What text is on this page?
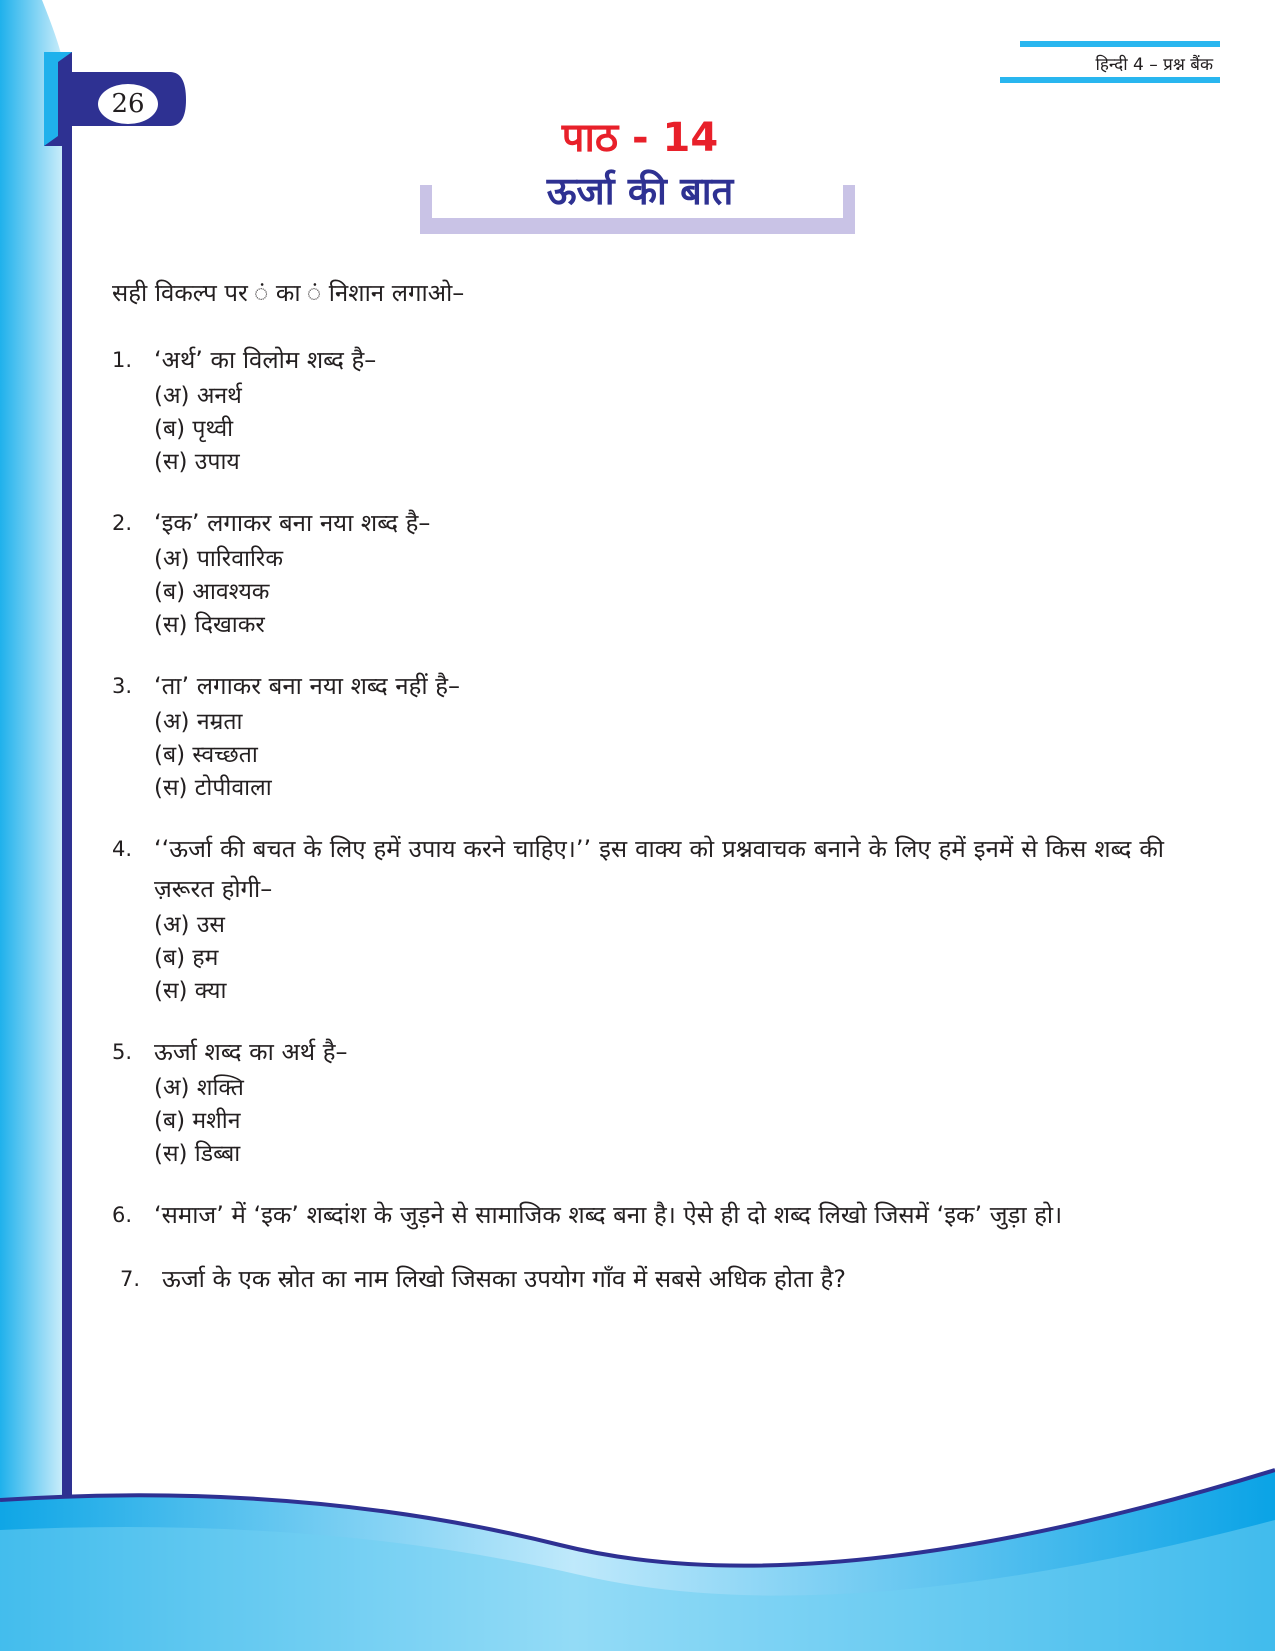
26
हिन्दी 4 – प्रश्न बैंक
पाठ - 14
ऊर्जा की बात
सही विकल्प पर ं का ं निशान लगाओ–
1. ‘अर्थ’ का विलोम शब्द है–
(अ) अनर्थ
(ब) पृथ्वी
(स) उपाय
2. ‘इक’ लगाकर बना नया शब्द है–
(अ) पारिवारिक
(ब) आवश्यक
(स) दिखाकर
3. ‘ता’ लगाकर बना नया शब्द नहीं है–
(अ) नम्रता
(ब) स्वच्छता
(स) टोपीवाला
4. ‘‘ऊर्जा की बचत के लिए हमें उपाय करने चाहिए।’’ इस वाक्य को प्रश्नवाचक बनाने के लिए हमें इनमें से किस शब्द की ज़रूरत होगी–
(अ) उस
(ब) हम
(स) क्या
5. ऊर्जा शब्द का अर्थ है–
(अ) शक्ति
(ब) मशीन
(स) डिब्बा
6. ‘समाज’ में ‘इक’ शब्दांश के जुड़ने से सामाजिक शब्द बना है। ऐसे ही दो शब्द लिखो जिसमें ‘इक’ जुड़ा हो।
7. ऊर्जा के एक स्रोत का नाम लिखो जिसका उपयोग गाँव में सबसे अधिक होता है?
